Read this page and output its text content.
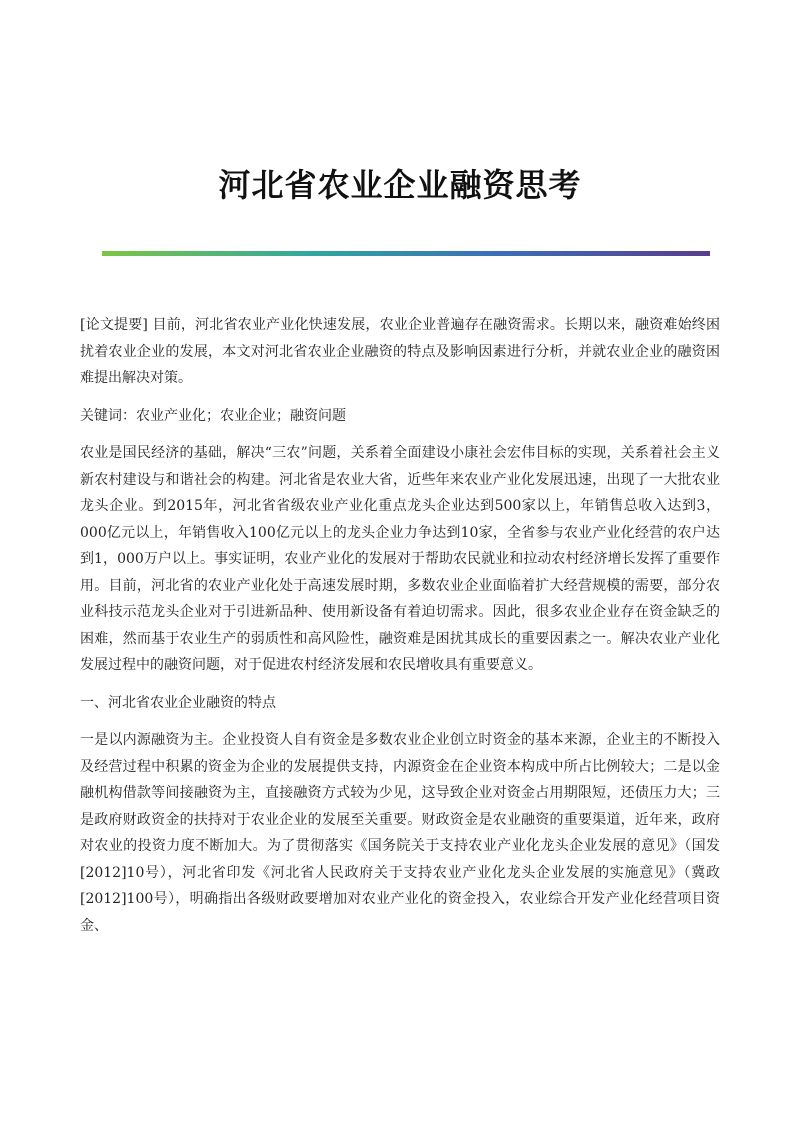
河北省农业企业融资思考

[论文提要] 目前，河北省农业产业化快速发展，农业企业普遍存在融资需求。长期以来，融资难始终困扰着农业企业的发展，本文对河北省农业企业融资的特点及影响因素进行分析，并就农业企业的融资困难提出解决对策。

关键词：农业产业化；农业企业；融资问题

农业是国民经济的基础，解决“三农”问题，关系着全面建设小康社会宏伟目标的实现，关系着社会主义新农村建设与和谐社会的构建。河北省是农业大省，近些年来农业产业化发展迅速，出现了一大批农业龙头企业。到2015年，河北省省级农业产业化重点龙头企业达到500家以上，年销售总收入达到3，000亿元以上，年销售收入100亿元以上的龙头企业力争达到10家，全省参与农业产业化经营的农户达到1，000万户以上。事实证明，农业产业化的发展对于帮助农民就业和拉动农村经济增长发挥了重要作用。目前，河北省的农业产业化处于高速发展时期，多数农业企业面临着扩大经营规模的需要，部分农业科技示范龙头企业对于引进新品种、使用新设备有着迫切需求。因此，很多农业企业存在资金缺乏的困难，然而基于农业生产的弱质性和高风险性，融资难是困扰其成长的重要因素之一。解决农业产业化发展过程中的融资问题，对于促进农村经济发展和农民增收具有重要意义。

一、河北省农业企业融资的特点

一是以内源融资为主。企业投资人自有资金是多数农业企业创立时资金的基本来源，企业主的不断投入及经营过程中积累的资金为企业的发展提供支持，内源资金在企业资本构成中所占比例较大；二是以金融机构借款等间接融资为主，直接融资方式较为少见，这导致企业对资金占用期限短，还债压力大；三是政府财政资金的扶持对于农业企业的发展至关重要。财政资金是农业融资的重要渠道，近年来，政府对农业的投资力度不断加大。为了贯彻落实《国务院关于支持农业产业化龙头企业发展的意见》（国发[2012]10号），河北省印发《河北省人民政府关于支持农业产业化龙头企业发展的实施意见》（冀政[2012]100号），明确指出各级财政要增加对农业产业化的资金投入，农业综合开发产业化经营项目资金、
